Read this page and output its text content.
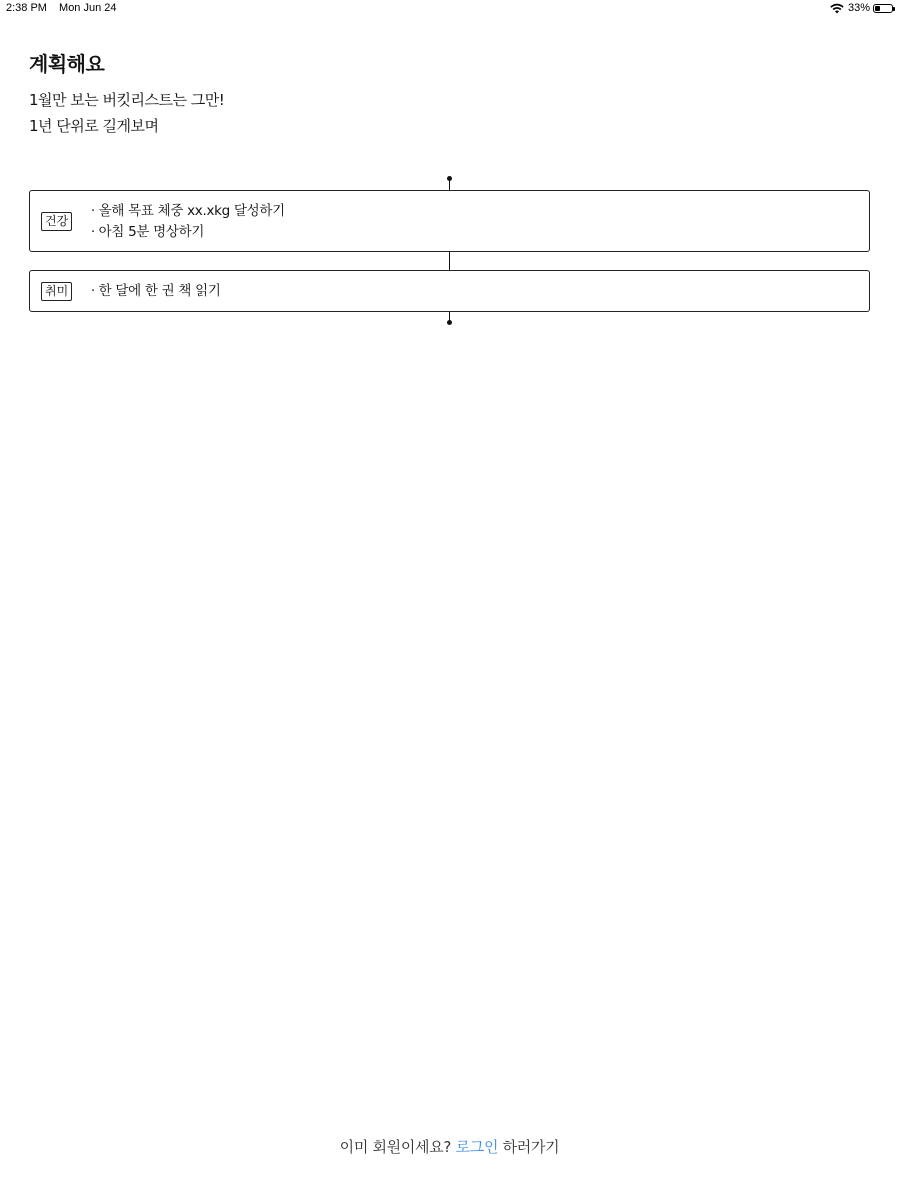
2:38 PM Mon Jun 24	33%
계획해요
1월만 보는 버킷리스트는 그만!
1년 단위로 길게보며
건강
· 올해 목표 체중 xx.xkg 달성하기
· 아침 5분 명상하기
취미
·	한 달에 한 권 책 읽기
이미 회원이세요? 로그인 하러가기
